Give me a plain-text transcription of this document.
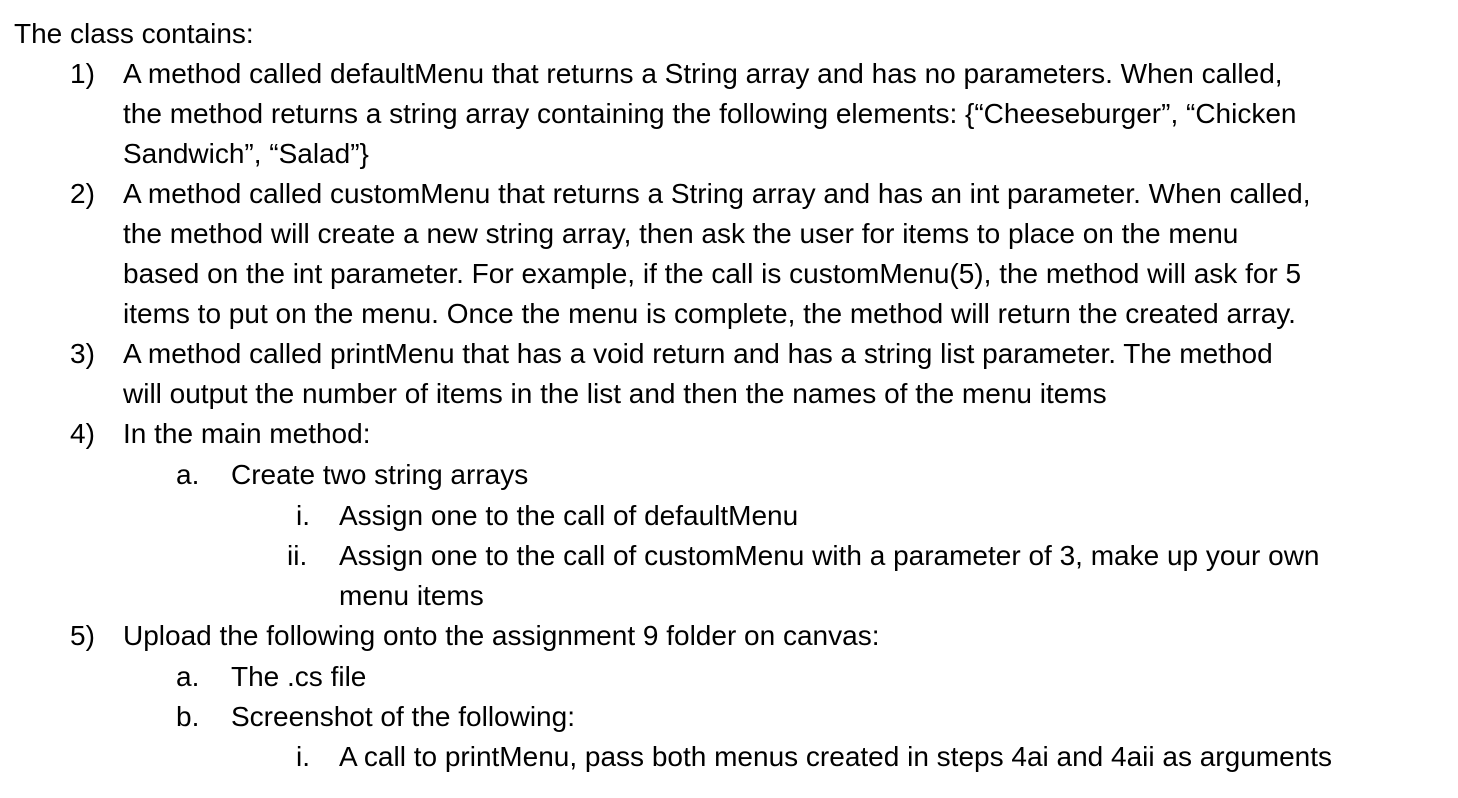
The class contains:
1) A method called defaultMenu that returns a String array and has no parameters. When called,
the method returns a string array containing the following elements: {“Cheeseburger”, “Chicken
Sandwich”, “Salad”}
2) A method called customMenu that returns a String array and has an int parameter. When called,
the method will create a new string array, then ask the user for items to place on the menu
based on the int parameter. For example, if the call is customMenu(5), the method will ask for 5
items to put on the menu. Once the menu is complete, the method will return the created array.
3) A method called printMenu that has a void return and has a string list parameter. The method
will output the number of items in the list and then the names of the menu items
4) In the main method:
a. Create two string arrays
i. Assign one to the call of defaultMenu
ii. Assign one to the call of customMenu with a parameter of 3, make up your own
menu items
5) Upload the following onto the assignment 9 folder on canvas:
a. The .cs file
b. Screenshot of the following:
i. A call to printMenu, pass both menus created in steps 4ai and 4aii as arguments
